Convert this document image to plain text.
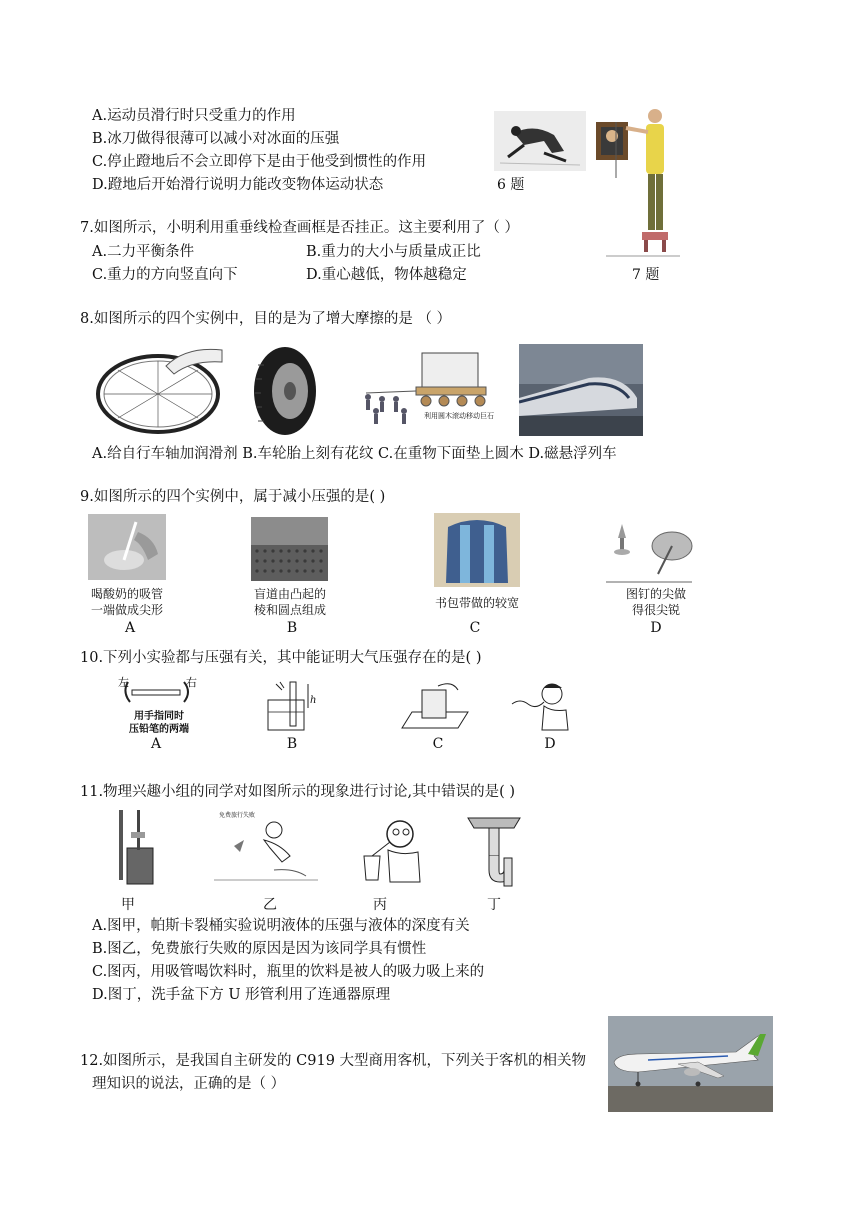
A.运动员滑行时只受重力的作用
B.冰刀做得很薄可以减小对冰面的压强
C.停止蹬地后不会立即停下是由于他受到惯性的作用
D.蹬地后开始滑行说明力能改变物体运动状态	6 题
7.如图所示，小明利用重垂线检查画框是否挂正。这主要利用了（ ）
A.二力平衡条件	B.重力的大小与质量成正比
C.重力的方向竖直向下	D.重心越低，物体越稳定	7 题
8.如图所示的四个实例中，目的是为了增大摩擦的是 （ ）
利用圆木滚动移动巨石
A.给自行车轴加润滑剂 B.车轮胎上刻有花纹 C.在重物下面垫上圆木 D.磁悬浮列车
9.如图所示的四个实例中，属于减小压强的是( )
喝酸奶的吸管
一端做成尖形
A
盲道由凸起的
棱和圆点组成
B
书包带做的较宽
C
图钉的尖做
得很尖锐
D
10.下列小实验都与压强有关，其中能证明大气压强存在的是( )
左	右
用手指同时
压铅笔的两端
A
h
B	C	D
11.物理兴趣小组的同学对如图所示的现象进行讨论,其中错误的是( )
甲
免费旅行失败
乙	丙	丁
A.图甲，帕斯卡裂桶实验说明液体的压强与液体的深度有关
B.图乙，免费旅行失败的原因是因为该同学具有惯性
C.图丙，用吸管喝饮料时，瓶里的饮料是被人的吸力吸上来的
D.图丁，洗手盆下方 U 形管利用了连通器原理
12.如图所示，是我国自主研发的 C919 大型商用客机，下列关于客机的相关物
理知识的说法，正确的是（ ）
